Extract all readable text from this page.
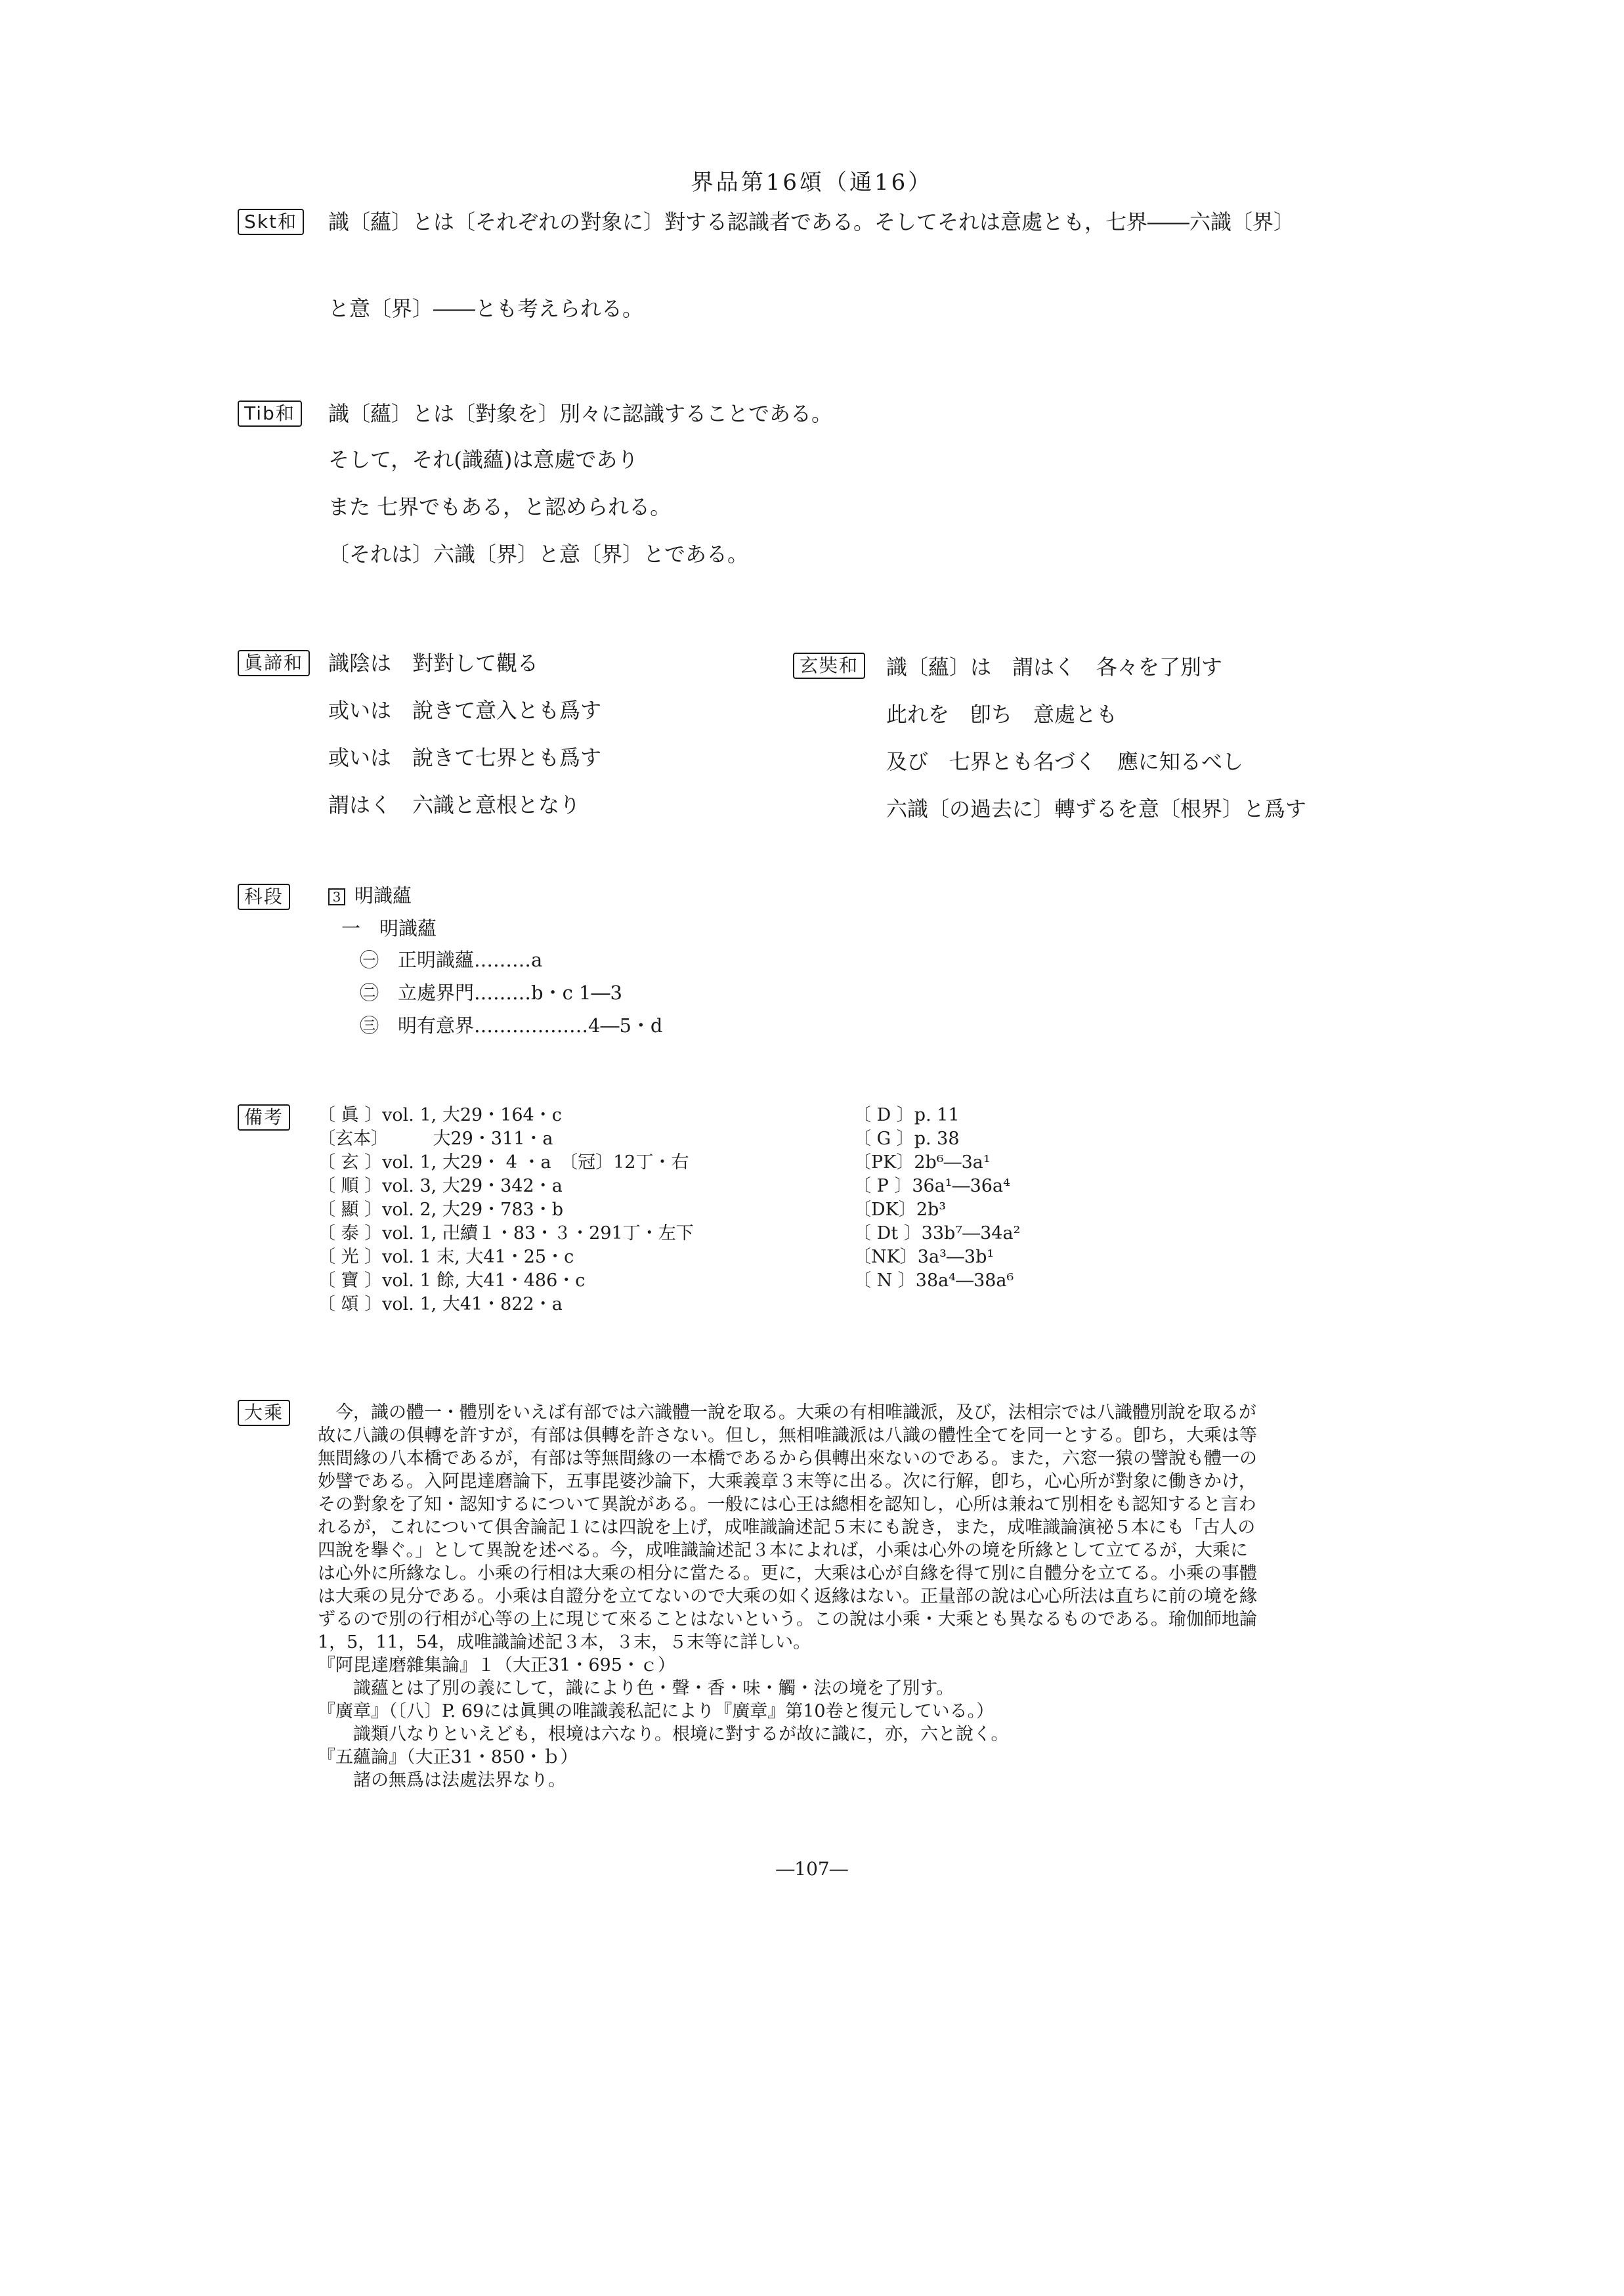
界品第16頌（通16）
Skt和	識〔蘊〕とは〔それぞれの對象に〕對する認識者である。そしてそれは意處とも，七界――六識〔界〕
と意〔界〕――とも考えられる。
Tib和	識〔蘊〕とは〔對象を〕別々に認識することである。
そして，それ(識蘊)は意處であり
また 七界でもある，と認められる。
〔それは〕六識〔界〕と意〔界〕とである。
眞諦和	識陰は　對對して觀る
或いは　說きて意入とも爲す
或いは　說きて七界とも爲す
謂はく　六識と意根となり
玄奘和	識〔蘊〕は　謂はく　各々を了別す
此れを　卽ち　意處とも
及び　七界とも名づく　應に知るべし
六識〔の過去に〕轉ずるを意〔根界〕と爲す
科段	3 明識蘊
一　明識蘊
㊀　正明識蘊………a
㊁　立處界門………b・c 1―3
㊂　明有意界………………4―5・d
備考	〔 眞 〕vol. 1, 大29・164・c
〔玄本〕　　　大29・311・a
〔 玄 〕vol. 1, 大29・ 4 ・a　〔冠〕12丁・右
〔 順 〕vol. 3, 大29・342・a
〔 顯 〕vol. 2, 大29・783・b
〔 泰 〕vol. 1, 卍續１・83・３・291丁・左下
〔 光 〕vol. 1 末, 大41・25・c
〔 寶 〕vol. 1 餘, 大41・486・c
〔 頌 〕vol. 1, 大41・822・a
〔 D 〕p. 11
〔 G 〕p. 38
〔PK〕2b⁶―3a¹
〔 P 〕36a¹―36a⁴
〔DK〕2b³
〔 Dt 〕33b⁷―34a²
〔NK〕3a³―3b¹
〔 N 〕38a⁴―38a⁶
大乘	　今，識の體一・體別をいえば有部では六識體一說を取る。大乘の有相唯識派，及び，法相宗では八識體別說を取るが
故に八識の俱轉を許すが，有部は俱轉を許さない。但し，無相唯識派は八識の體性全てを同一とする。卽ち，大乘は等
無間緣の八本橋であるが，有部は等無間緣の一本橋であるから俱轉出來ないのである。また，六窓一猿の譬說も體一の
妙譬である。入阿毘達磨論下，五事毘婆沙論下，大乘義章３末等に出る。次に行解，卽ち，心心所が對象に働きかけ，
その對象を了知・認知するについて異說がある。一般には心王は總相を認知し，心所は兼ねて別相をも認知すると言わ
れるが，これについて俱舍論記１には四說を上げ，成唯識論述記５末にも說き，また，成唯識論演祕５本にも「古人の
四說を擧ぐ。」として異說を述べる。今，成唯識論述記３本によれば，小乘は心外の境を所緣として立てるが，大乘に
は心外に所緣なし。小乘の行相は大乘の相分に當たる。更に，大乘は心が自緣を得て別に自體分を立てる。小乘の事體
は大乘の見分である。小乘は自證分を立てないので大乘の如く返緣はない。正量部の說は心心所法は直ちに前の境を緣
ずるので別の行相が心等の上に現じて來ることはないという。この說は小乘・大乘とも異なるものである。瑜伽師地論
1，5，11，54，成唯識論述記３本，３末，５末等に詳しい。
『阿毘達磨雜集論』１（大正31・695・ｃ）
識蘊とは了別の義にして，識により色・聲・香・味・觸・法の境を了別す。
『廣章』（〔八〕P. 69には眞興の唯識義私記により『廣章』第10卷と復元している。）
識類八なりといえども，根境は六なり。根境に對するが故に識に，亦，六と說く。
『五蘊論』（大正31・850・ｂ）
諸の無爲は法處法界なり。
―107―
